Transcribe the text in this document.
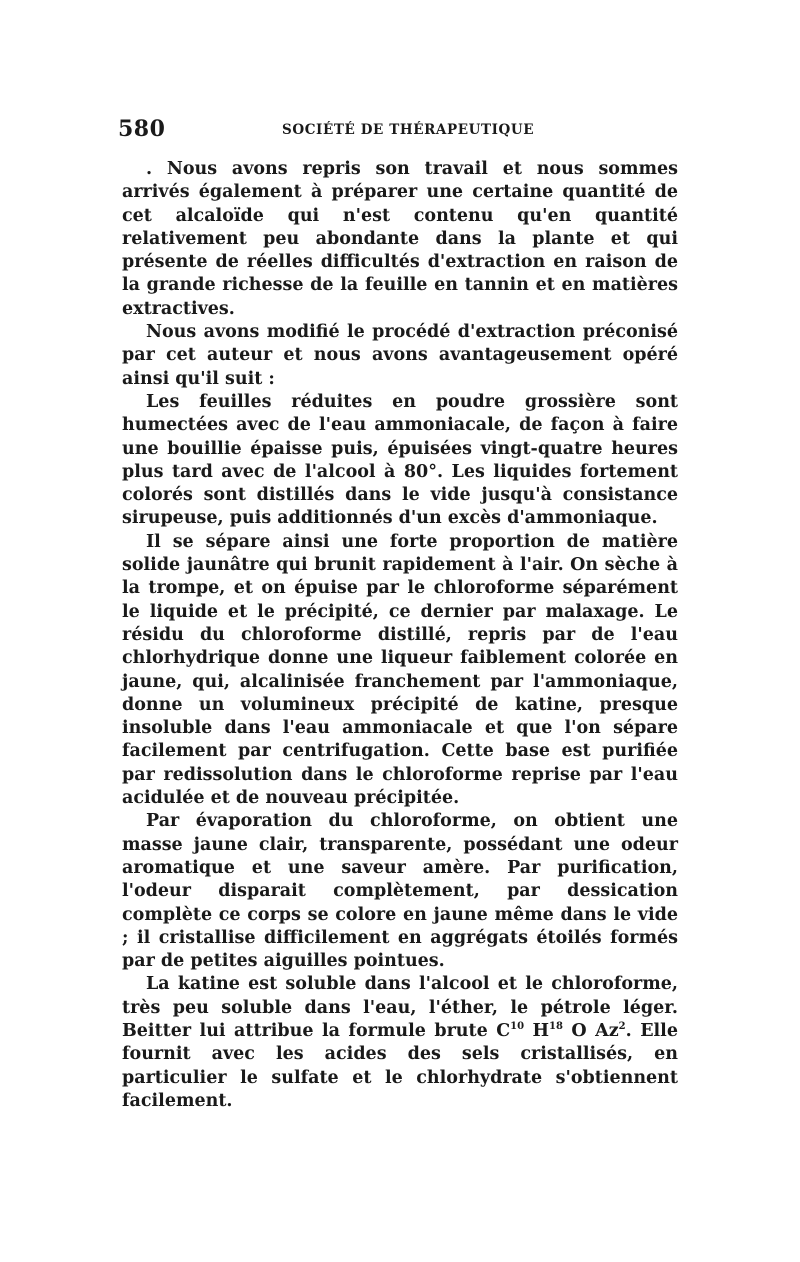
580	SOCIÉTÉ DE THÉRAPEUTIQUE

. Nous avons repris son travail et nous sommes arrivés également à préparer une certaine quantité de cet alcaloïde qui n'est contenu qu'en quantité relativement peu abondante dans la plante et qui présente de réelles difficultés d'extraction en raison de la grande richesse de la feuille en tannin et en matières extractives.

Nous avons modifié le procédé d'extraction préconisé par cet auteur et nous avons avantageusement opéré ainsi qu'il suit :

Les feuilles réduites en poudre grossière sont humectées avec de l'eau ammoniacale, de façon à faire une bouillie épaisse puis, épuisées vingt-quatre heures plus tard avec de l'alcool à 80°. Les liquides fortement colorés sont distillés dans le vide jusqu'à consistance sirupeuse, puis additionnés d'un excès d'ammoniaque.

Il se sépare ainsi une forte proportion de matière solide jaunâtre qui brunit rapidement à l'air. On sèche à la trompe, et on épuise par le chloroforme séparément le liquide et le précipité, ce dernier par malaxage. Le résidu du chloroforme distillé, repris par de l'eau chlorhydrique donne une liqueur faiblement colorée en jaune, qui, alcalinisée franchement par l'ammoniaque, donne un volumineux précipité de katine, presque insoluble dans l'eau ammoniacale et que l'on sépare facilement par centrifugation. Cette base est purifiée par redissolution dans le chloroforme reprise par l'eau acidulée et de nouveau précipitée.

Par évaporation du chloroforme, on obtient une masse jaune clair, transparente, possédant une odeur aromatique et une saveur amère. Par purification, l'odeur disparait complètement, par dessication complète ce corps se colore en jaune même dans le vide ; il cristallise difficilement en aggrégats étoilés formés par de petites aiguilles pointues.

La katine est soluble dans l'alcool et le chloroforme, très peu soluble dans l'eau, l'éther, le pétrole léger. Beitter lui attribue la formule brute $C^{10}$ $H^{18}$ O Az$^2$. Elle fournit avec les acides des sels cristallisés, en particulier le sulfate et le chlorhydrate s'obtiennent facilement.
